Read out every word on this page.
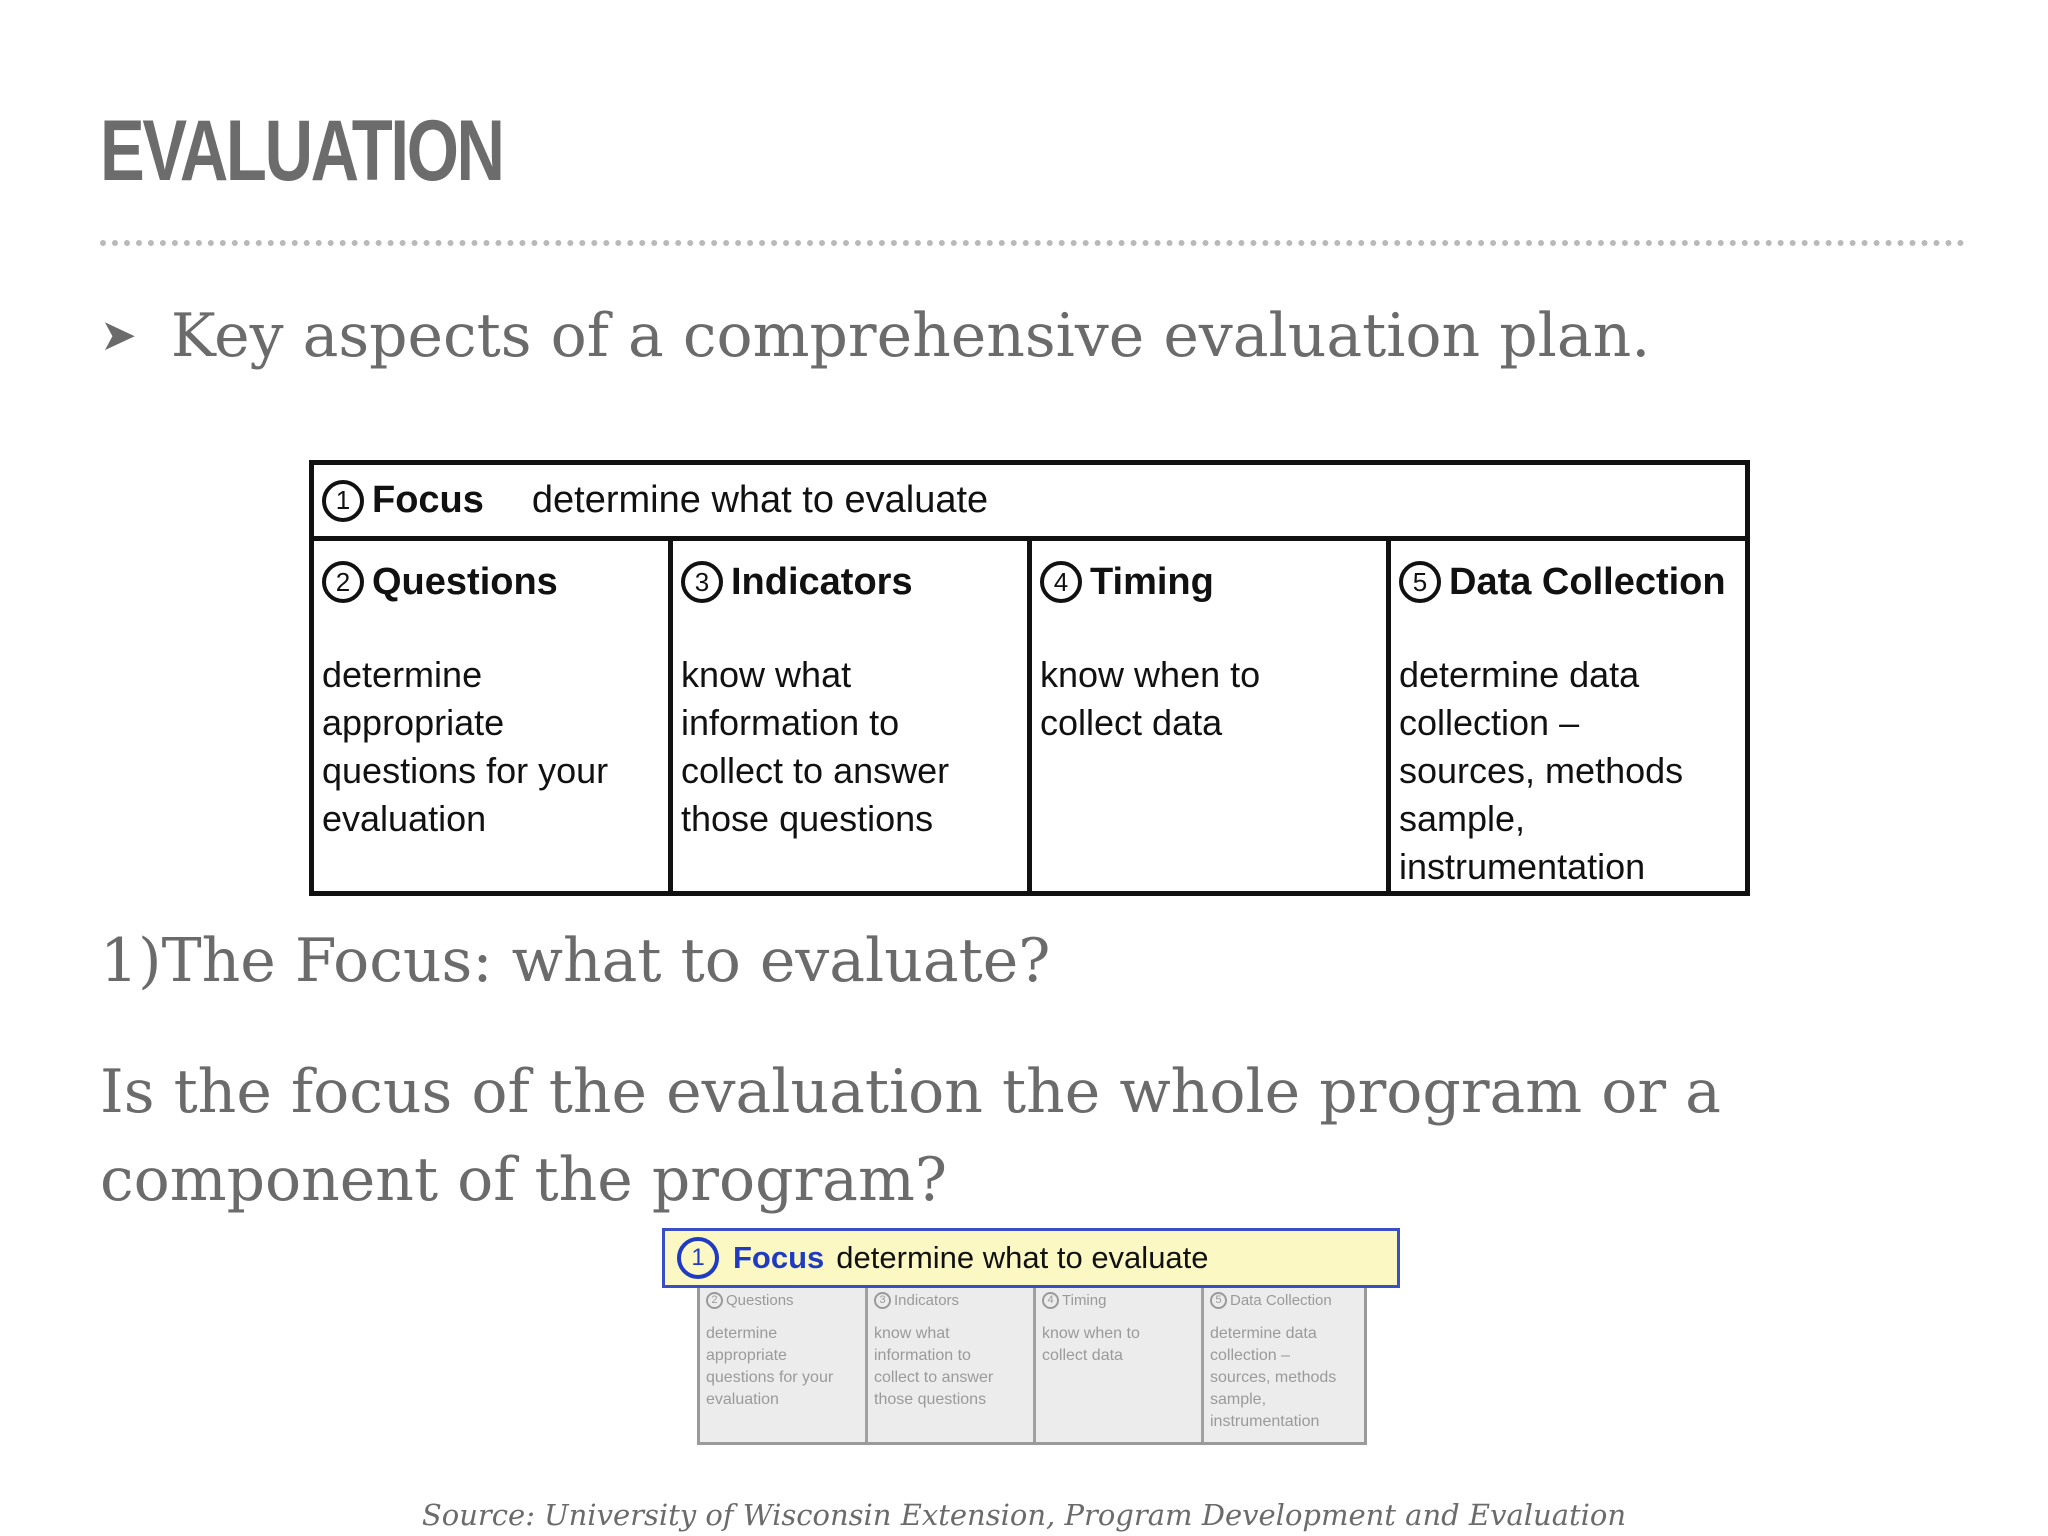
EVALUATION
➤ Key aspects of a comprehensive evaluation plan.
1 Focus determine what to evaluate
2 Questions
determine
appropriate
questions for your
evaluation
3 Indicators
know what
information to
collect to answer
those questions
4 Timing
know when to
collect data
5 Data Collection
determine data
collection –
sources, methods
sample,
instrumentation
1)The Focus: what to evaluate?
Is the focus of the evaluation the whole program or a component of the program?
2 Questions
determine
appropriate
questions for your
evaluation
3 Indicators
know what
information to
collect to answer
those questions
4 Timing
know when to
collect data
5 Data Collection
determine data
collection –
sources, methods
sample,
instrumentation
1 Focus determine what to evaluate
Source: University of Wisconsin Extension, Program Development and Evaluation
